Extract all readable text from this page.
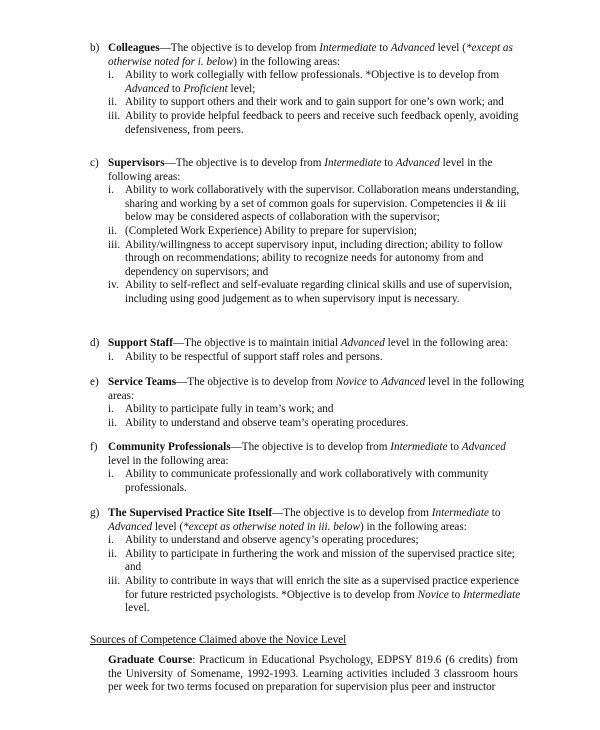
b) Colleagues—The objective is to develop from Intermediate to Advanced level (*except as otherwise noted for i. below) in the following areas:
i. Ability to work collegially with fellow professionals. *Objective is to develop from Advanced to Proficient level;
ii. Ability to support others and their work and to gain support for one’s own work; and
iii. Ability to provide helpful feedback to peers and receive such feedback openly, avoiding defensiveness, from peers.
c) Supervisors—The objective is to develop from Intermediate to Advanced level in the following areas:
i. Ability to work collaboratively with the supervisor. Collaboration means understanding, sharing and working by a set of common goals for supervision. Competencies ii & iii below may be considered aspects of collaboration with the supervisor;
ii. (Completed Work Experience) Ability to prepare for supervision;
iii. Ability/willingness to accept supervisory input, including direction; ability to follow through on recommendations; ability to recognize needs for autonomy from and dependency on supervisors; and
iv. Ability to self-reflect and self-evaluate regarding clinical skills and use of supervision, including using good judgement as to when supervisory input is necessary.
d) Support Staff—The objective is to maintain initial Advanced level in the following area:
i. Ability to be respectful of support staff roles and persons.
e) Service Teams—The objective is to develop from Novice to Advanced level in the following areas:
i. Ability to participate fully in team’s work; and
ii. Ability to understand and observe team’s operating procedures.
f) Community Professionals—The objective is to develop from Intermediate to Advanced level in the following area:
i. Ability to communicate professionally and work collaboratively with community professionals.
g) The Supervised Practice Site Itself—The objective is to develop from Intermediate to Advanced level (*except as otherwise noted in iii. below) in the following areas:
i. Ability to understand and observe agency’s operating procedures;
ii. Ability to participate in furthering the work and mission of the supervised practice site; and
iii. Ability to contribute in ways that will enrich the site as a supervised practice experience for future restricted psychologists. *Objective is to develop from Novice to Intermediate level.
Sources of Competence Claimed above the Novice Level
Graduate Course: Practicum in Educational Psychology, EDPSY 819.6 (6 credits) from the University of Somename, 1992-1993. Learning activities included 3 classroom hours per week for two terms focused on preparation for supervision plus peer and instructor
